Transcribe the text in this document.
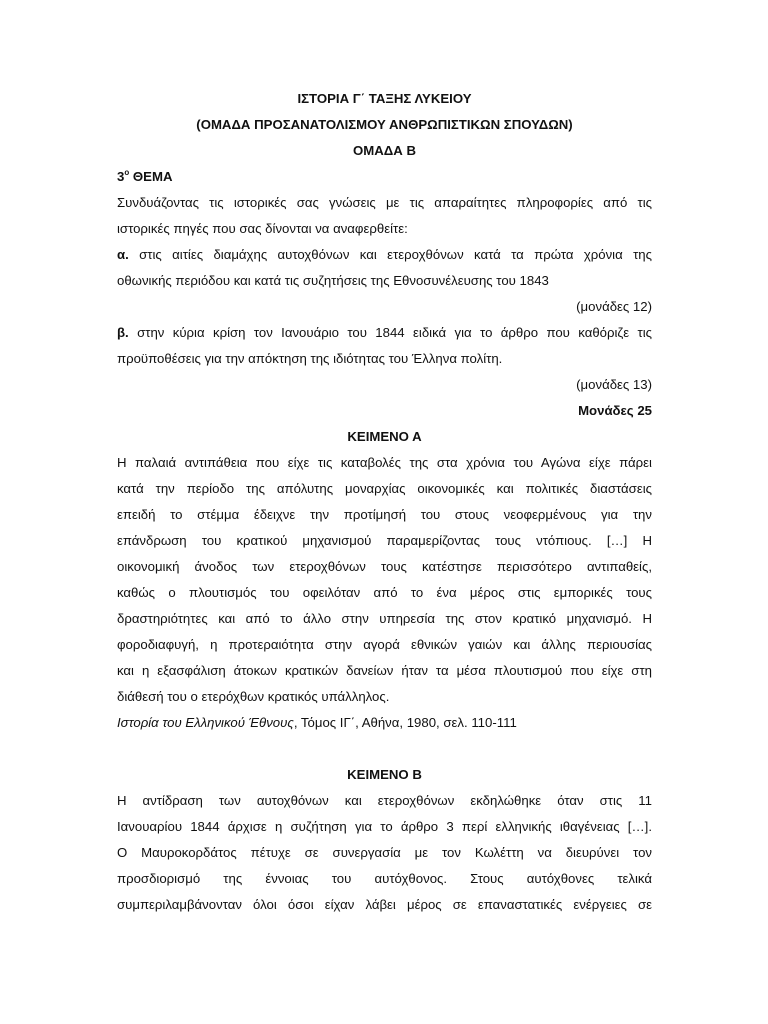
ΙΣΤΟΡΙΑ Γ΄ ΤΑΞΗΣ ΛΥΚΕΙΟΥ
(ΟΜΑΔΑ ΠΡΟΣΑΝΑΤΟΛΙΣΜΟΥ ΑΝΘΡΩΠΙΣΤΙΚΩΝ ΣΠΟΥΔΩΝ)
ΟΜΑΔΑ Β
$3^o$ ΘΕΜΑ
Συνδυάζοντας τις ιστορικές σας γνώσεις με τις απαραίτητες πληροφορίες από τις
ιστορικές πηγές που σας δίνονται να αναφερθείτε:
α. στις αιτίες διαμάχης αυτοχθόνων και ετεροχθόνων κατά τα πρώτα χρόνια της
οθωνικής περιόδου και κατά τις συζητήσεις της Εθνοσυνέλευσης του 1843
(μονάδες 12)
β. στην κύρια κρίση τον Ιανουάριο του 1844 ειδικά για το άρθρο που καθόριζε τις
προϋποθέσεις για την απόκτηση της ιδιότητας του Έλληνα πολίτη.
(μονάδες 13)
Μονάδες 25
ΚΕΙΜΕΝΟ Α
Η παλαιά αντιπάθεια που είχε τις καταβολές της στα χρόνια του Αγώνα είχε πάρει
κατά την περίοδο της απόλυτης μοναρχίας οικονομικές και πολιτικές διαστάσεις
επειδή το στέμμα έδειχνε την προτίμησή του στους νεοφερμένους για την
επάνδρωση του κρατικού μηχανισμού παραμερίζοντας τους ντόπιους. […] Η
οικονομική άνοδος των ετεροχθόνων τους κατέστησε περισσότερο αντιπαθείς,
καθώς ο πλουτισμός του οφειλόταν από το ένα μέρος στις εμπορικές τους
δραστηριότητες και από το άλλο στην υπηρεσία της στον κρατικό μηχανισμό. Η
φοροδιαφυγή, η προτεραιότητα στην αγορά εθνικών γαιών και άλλης περιουσίας
και η εξασφάλιση άτοκων κρατικών δανείων ήταν τα μέσα πλουτισμού που είχε στη
διάθεσή του ο ετερόχθων κρατικός υπάλληλος.
Ιστορία του Ελληνικού Έθνους, Τόμος ΙΓ΄, Αθήνα, 1980, σελ. 110-111
ΚΕΙΜΕΝΟ Β
Η αντίδραση των αυτοχθόνων και ετεροχθόνων εκδηλώθηκε όταν στις 11
Ιανουαρίου 1844 άρχισε η συζήτηση για το άρθρο 3 περί ελληνικής ιθαγένειας […].
Ο Μαυροκορδάτος πέτυχε σε συνεργασία με τον Κωλέττη να διευρύνει τον
προσδιορισμό της έννοιας του αυτόχθονος. Στους αυτόχθονες τελικά
συμπεριλαμβάνονταν όλοι όσοι είχαν λάβει μέρος σε επαναστατικές ενέργειες σε
